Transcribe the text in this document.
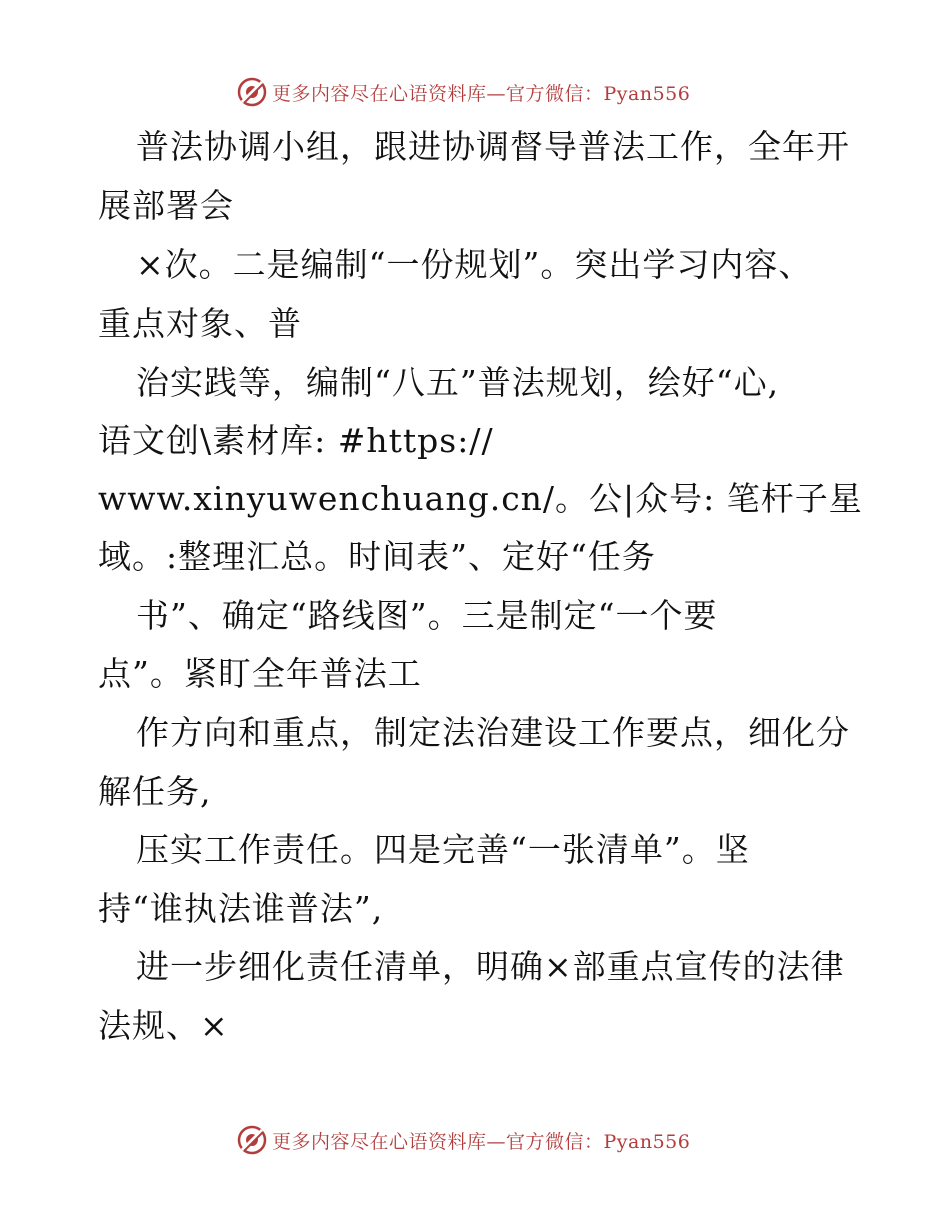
更多内容尽在心语资料库—官方微信：Pyan556
普法协调小组，跟进协调督导普法工作，全年开
展部署会
×次。二是编制“一份规划”。突出学习内容、
重点对象、普
治实践等，编制“八五”普法规划，绘好“心,
语文创\素材库: #https://
www.xinyuwenchuang.cn/。公|众号: 笔杆子星
域。:整理汇总。时间表”、定好“任务
书”、确定“路线图”。三是制定“一个要
点”。紧盯全年普法工
作方向和重点，制定法治建设工作要点，细化分
解任务,
压实工作责任。四是完善“一张清单”。坚
持“谁执法谁普法”,
进一步细化责任清单，明确×部重点宣传的法律
法规、×
更多内容尽在心语资料库—官方微信：Pyan556
